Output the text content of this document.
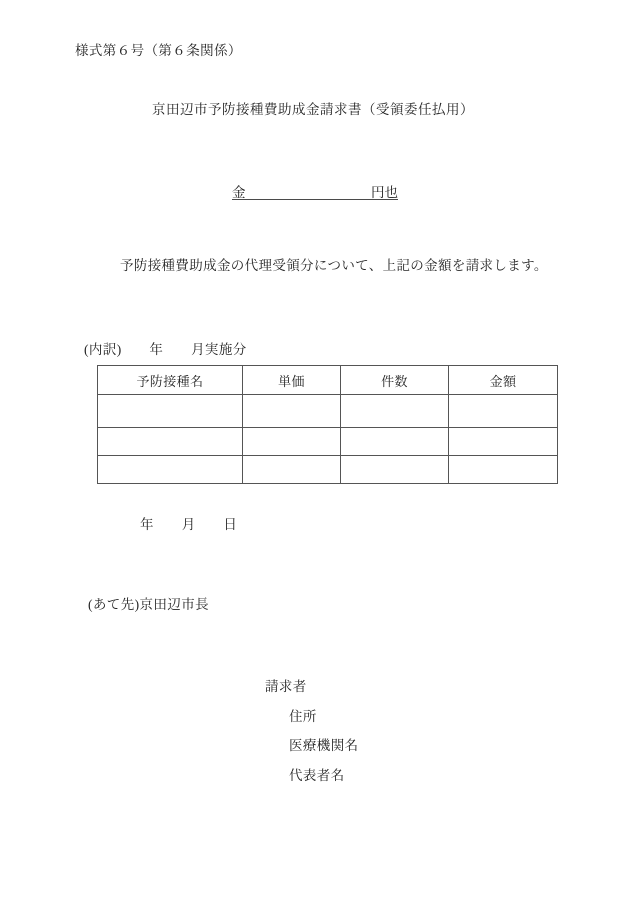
様式第６号（第６条関係）
京田辺市予防接種費助成金請求書（受領委任払用）
金	円也
予防接種費助成金の代理受領分について、上記の金額を請求します。
(内訳)　　年　　月実施分
予防接種名	単価	件数	金額

年　　月　　日
(あて先)京田辺市長
請求者
住所
医療機関名
代表者名
